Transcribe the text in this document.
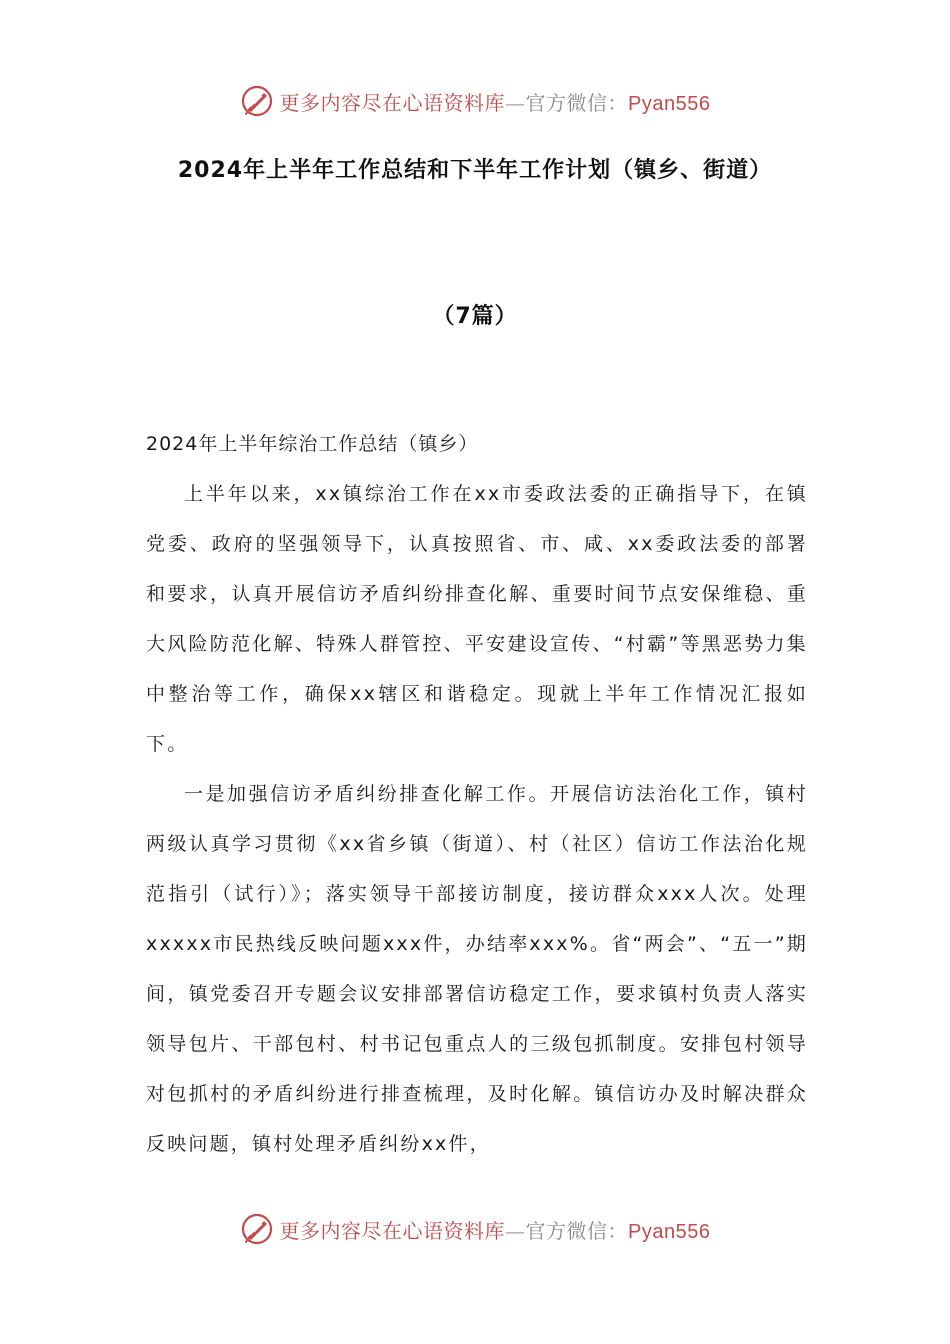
更多内容尽在心语资料库—官方微信：Pyan556
2024年上半年工作总结和下半年工作计划（镇乡、街道）
（7篇）

2024年上半年综治工作总结（镇乡）

上半年以来，xx镇综治工作在xx市委政法委的正确指导下，在镇党委、政府的坚强领导下，认真按照省、市、咸、xx委政法委的部署和要求，认真开展信访矛盾纠纷排查化解、重要时间节点安保维稳、重大风险防范化解、特殊人群管控、平安建设宣传、“村霸”等黑恶势力集中整治等工作，确保xx辖区和谐稳定。现就上半年工作情况汇报如下。

一是加强信访矛盾纠纷排查化解工作。开展信访法治化工作，镇村两级认真学习贯彻《xx省乡镇（街道）、村（社区）信访工作法治化规范指引（试行）》；落实领导干部接访制度，接访群众xxx人次。处理xxxxx市民热线反映问题xxx件，办结率xxx%。省“两会”、“五一”期间，镇党委召开专题会议安排部署信访稳定工作，要求镇村负责人落实领导包片、干部包村、村书记包重点人的三级包抓制度。安排包村领导对包抓村的矛盾纠纷进行排查梳理，及时化解。镇信访办及时解决群众反映问题，镇村处理矛盾纠纷xx件，

更多内容尽在心语资料库—官方微信：Pyan556
